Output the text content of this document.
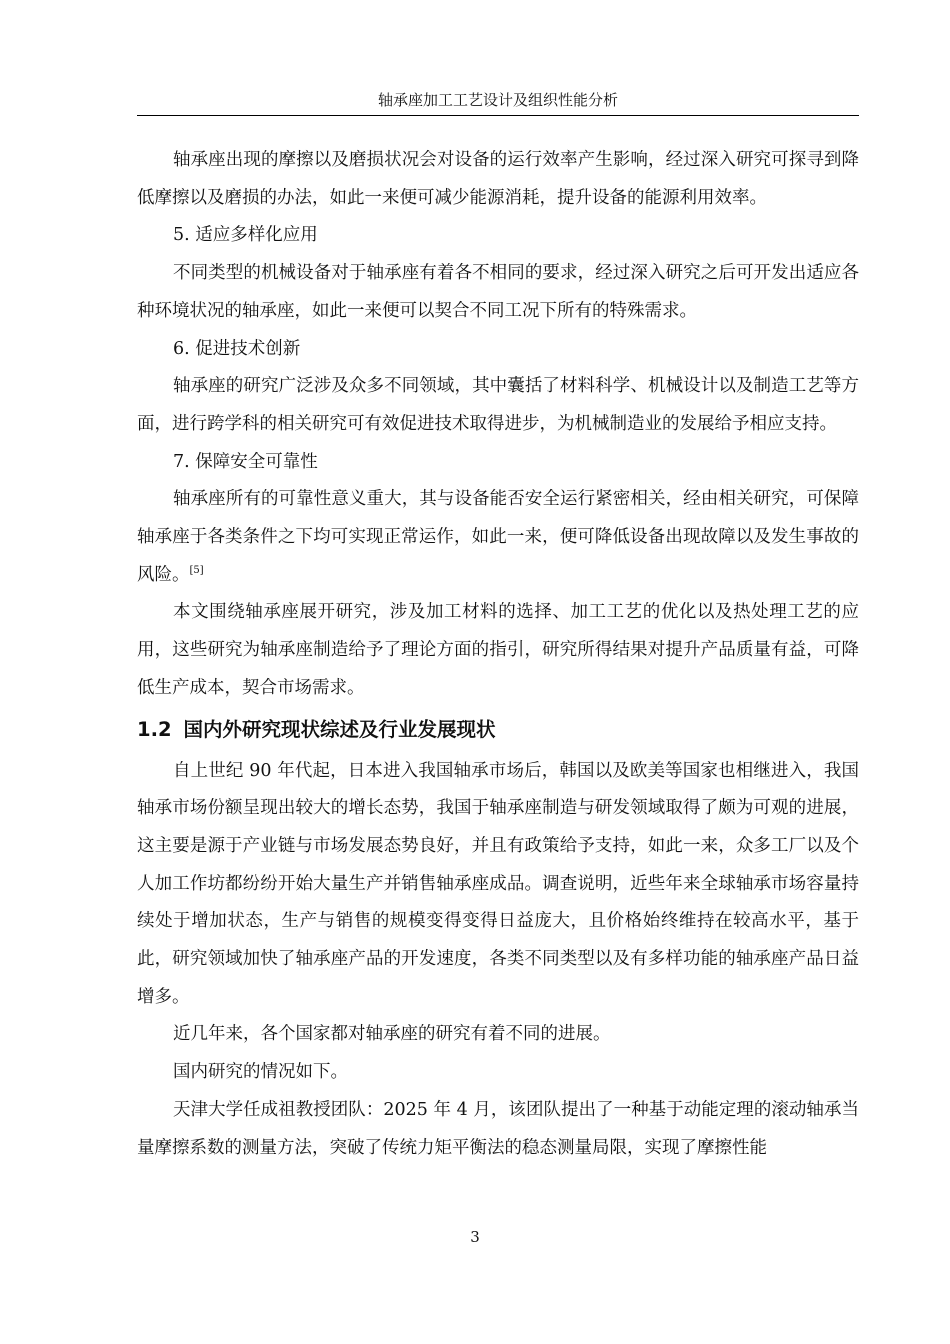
轴承座加工工艺设计及组织性能分析

轴承座出现的摩擦以及磨损状况会对设备的运行效率产生影响，经过深入研究可探寻到降低摩擦以及磨损的办法，如此一来便可减少能源消耗，提升设备的能源利用效率。

5. 适应多样化应用

不同类型的机械设备对于轴承座有着各不相同的要求，经过深入研究之后可开发出适应各种环境状况的轴承座，如此一来便可以契合不同工况下所有的特殊需求。

6. 促进技术创新

轴承座的研究广泛涉及众多不同领域，其中囊括了材料科学、机械设计以及制造工艺等方面，进行跨学科的相关研究可有效促进技术取得进步，为机械制造业的发展给予相应支持。

7. 保障安全可靠性

轴承座所有的可靠性意义重大，其与设备能否安全运行紧密相关，经由相关研究，可保障轴承座于各类条件之下均可实现正常运作，如此一来，便可降低设备出现故障以及发生事故的风险。[5]

本文围绕轴承座展开研究，涉及加工材料的选择、加工工艺的优化以及热处理工艺的应用，这些研究为轴承座制造给予了理论方面的指引，研究所得结果对提升产品质量有益，可降低生产成本，契合市场需求。

1.2 国内外研究现状综述及行业发展现状

自上世纪 90 年代起，日本进入我国轴承市场后，韩国以及欧美等国家也相继进入，我国轴承市场份额呈现出较大的增长态势，我国于轴承座制造与研发领域取得了颇为可观的进展，这主要是源于产业链与市场发展态势良好，并且有政策给予支持，如此一来，众多工厂以及个人加工作坊都纷纷开始大量生产并销售轴承座成品。调查说明，近些年来全球轴承市场容量持续处于增加状态，生产与销售的规模变得变得日益庞大，且价格始终维持在较高水平，基于此，研究领域加快了轴承座产品的开发速度，各类不同类型以及有多样功能的轴承座产品日益增多。

近几年来，各个国家都对轴承座的研究有着不同的进展。

国内研究的情况如下。

天津大学任成祖教授团队：2025 年 4 月，该团队提出了一种基于动能定理的滚动轴承当量摩擦系数的测量方法，突破了传统力矩平衡法的稳态测量局限，实现了摩擦性能

3
